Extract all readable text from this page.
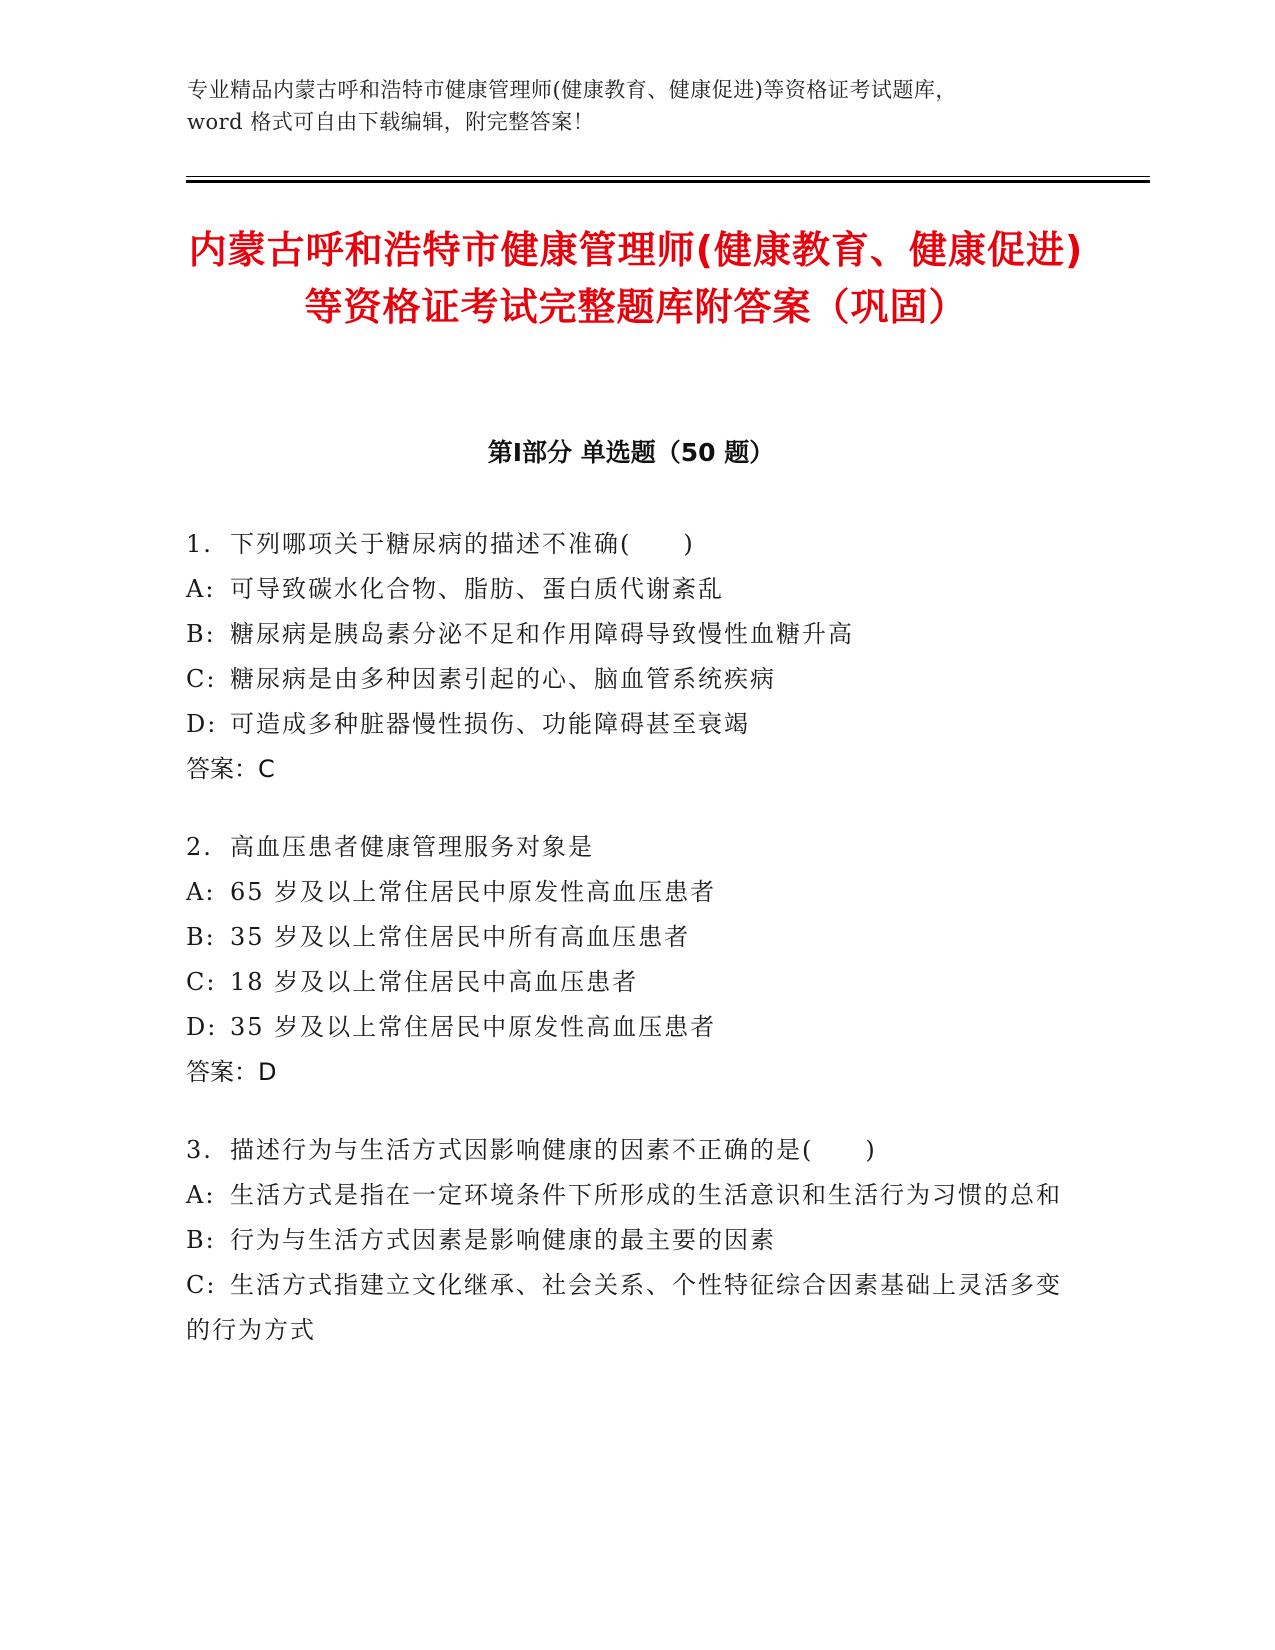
专业精品内蒙古呼和浩特市健康管理师(健康教育、健康促进)等资格证考试题库，
word 格式可自由下载编辑，附完整答案！
内蒙古呼和浩特市健康管理师(健康教育、健康促进)等资格证考试完整题库附答案（巩固）
第Ⅰ部分 单选题（50 题）
1. 下列哪项关于糖尿病的描述不准确(　　)
A: 可导致碳水化合物、脂肪、蛋白质代谢紊乱
B: 糖尿病是胰岛素分泌不足和作用障碍导致慢性血糖升高
C: 糖尿病是由多种因素引起的心、脑血管系统疾病
D: 可造成多种脏器慢性损伤、功能障碍甚至衰竭
答案：C
2. 高血压患者健康管理服务对象是
A: 65 岁及以上常住居民中原发性高血压患者
B: 35 岁及以上常住居民中所有高血压患者
C: 18 岁及以上常住居民中高血压患者
D: 35 岁及以上常住居民中原发性高血压患者
答案：D
3. 描述行为与生活方式因影响健康的因素不正确的是(　　)
A: 生活方式是指在一定环境条件下所形成的生活意识和生活行为习惯的总和
B: 行为与生活方式因素是影响健康的最主要的因素
C: 生活方式指建立文化继承、社会关系、个性特征综合因素基础上灵活多变的行为方式
